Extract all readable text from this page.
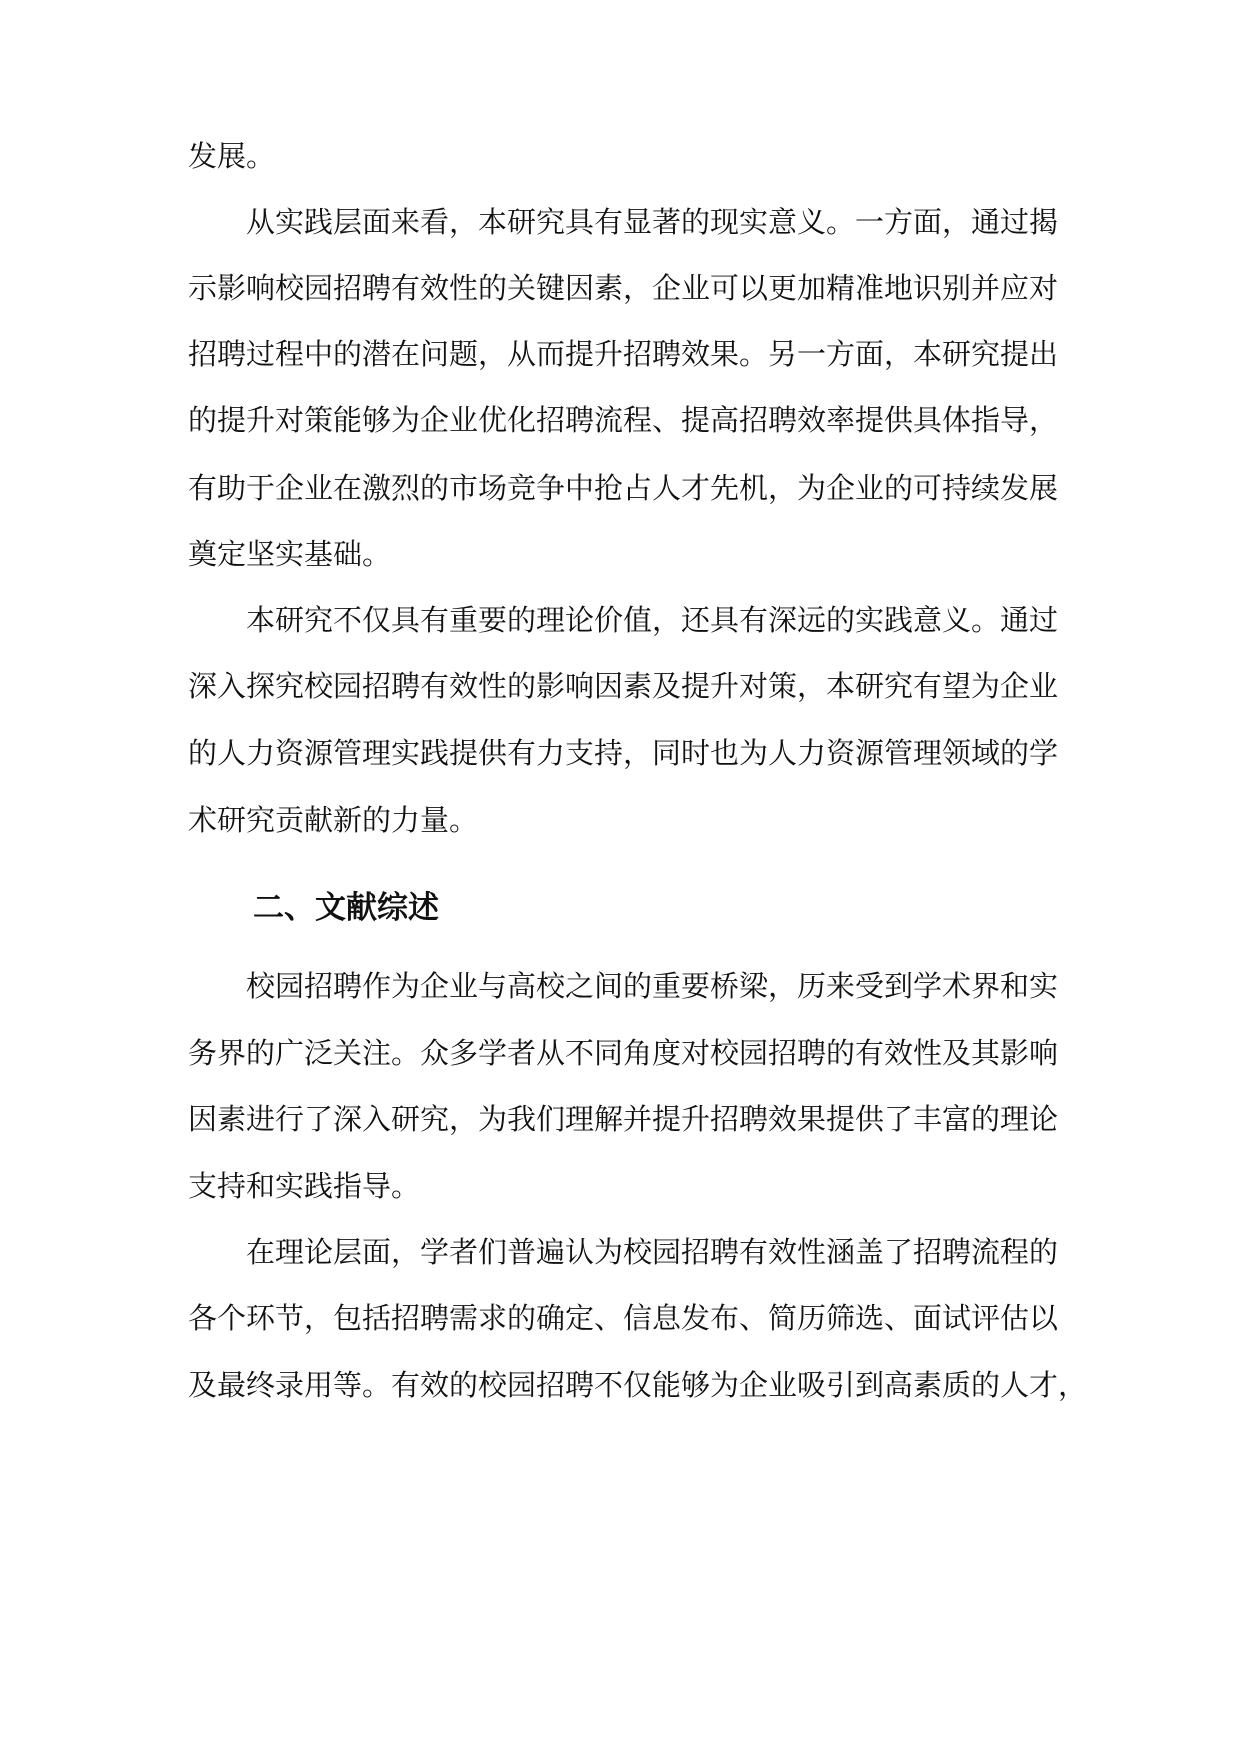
发展。
从实践层面来看，本研究具有显著的现实意义。一方面，通过揭
示影响校园招聘有效性的关键因素，企业可以更加精准地识别并应对
招聘过程中的潜在问题，从而提升招聘效果。另一方面，本研究提出
的提升对策能够为企业优化招聘流程、提高招聘效率提供具体指导，
有助于企业在激烈的市场竞争中抢占人才先机，为企业的可持续发展
奠定坚实基础。
本研究不仅具有重要的理论价值，还具有深远的实践意义。通过
深入探究校园招聘有效性的影响因素及提升对策，本研究有望为企业
的人力资源管理实践提供有力支持，同时也为人力资源管理领域的学
术研究贡献新的力量。
二、文献综述
校园招聘作为企业与高校之间的重要桥梁，历来受到学术界和实
务界的广泛关注。众多学者从不同角度对校园招聘的有效性及其影响
因素进行了深入研究，为我们理解并提升招聘效果提供了丰富的理论
支持和实践指导。
在理论层面，学者们普遍认为校园招聘有效性涵盖了招聘流程的
各个环节，包括招聘需求的确定、信息发布、简历筛选、面试评估以
及最终录用等。有效的校园招聘不仅能够为企业吸引到高素质的人才，
